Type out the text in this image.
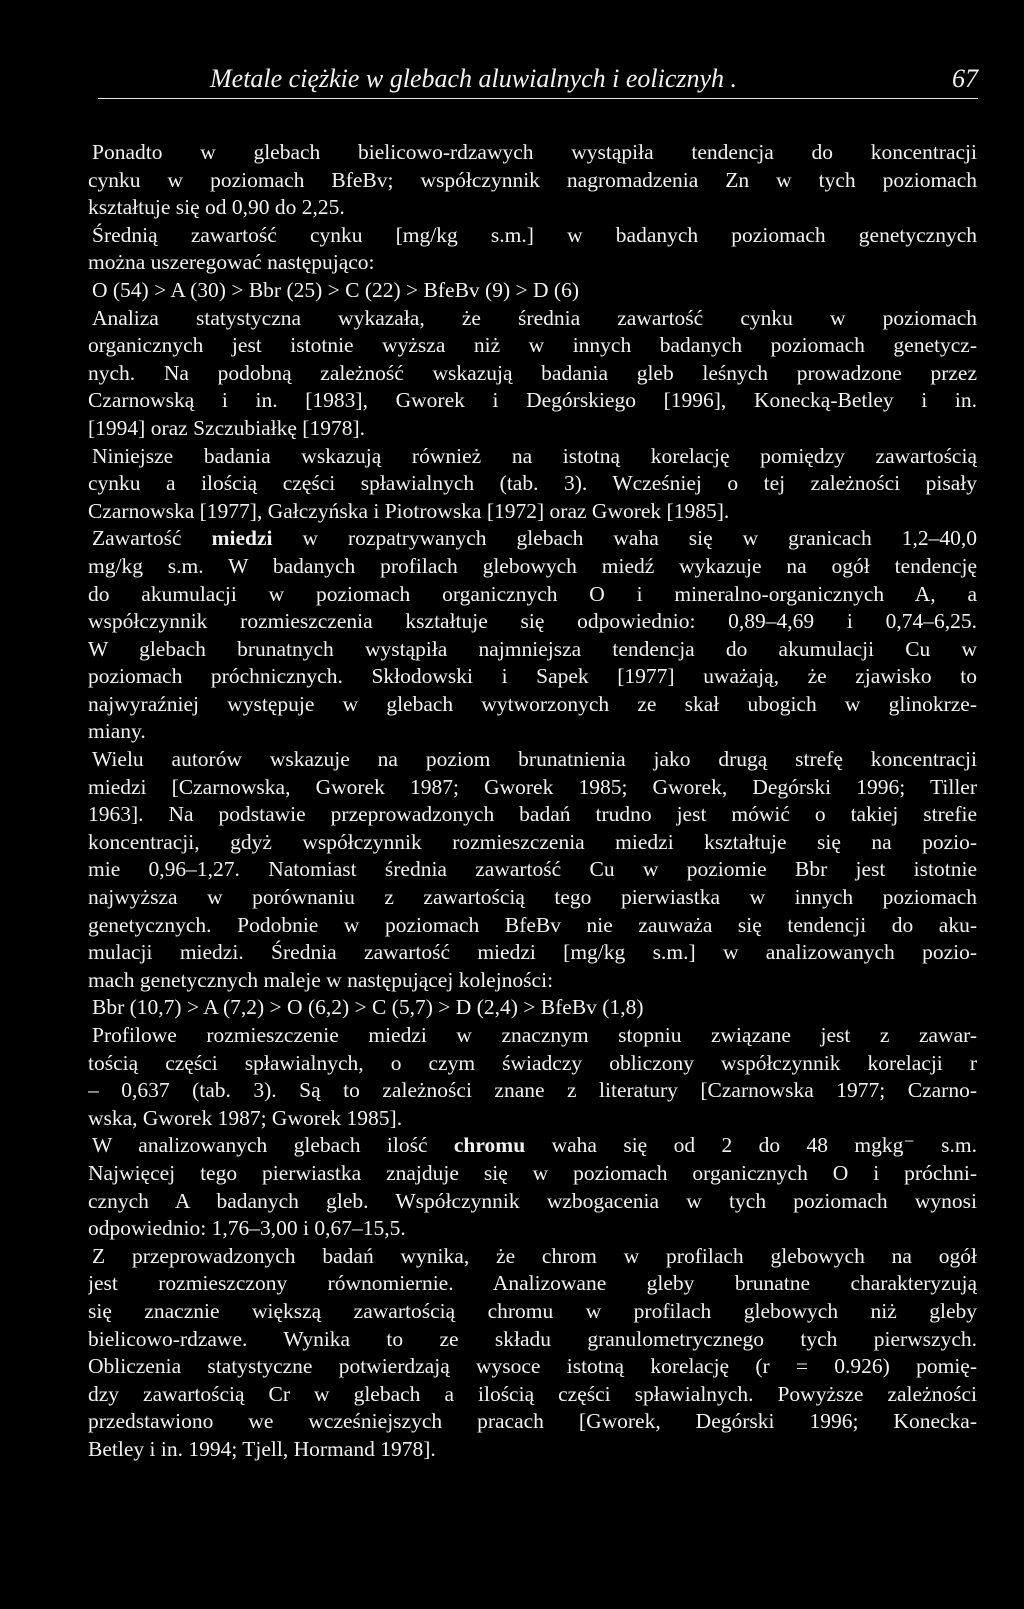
Metale ciężkie w glebach aluwialnych i eolicznyh .	67
Ponadto w glebach bielicowo-rdzawych wystąpiła tendencja do koncentracji
cynku w poziomach BfeBv; współczynnik nagromadzenia Zn w tych poziomach
kształtuje się od 0,90 do 2,25.
Średnią zawartość cynku [mg/kg s.m.] w badanych poziomach genetycznych
można uszeregować następująco:
O (54) > A (30) > Bbr (25) > C (22) > BfeBv (9) > D (6)
Analiza statystyczna wykazała, że średnia zawartość cynku w poziomach
organicznych jest istotnie wyższa niż w innych badanych poziomach genetycz-
nych. Na podobną zależność wskazują badania gleb leśnych prowadzone przez
Czarnowską i in. [1983], Gworek i Degórskiego [1996], Konecką-Betley i in.
[1994] oraz Szczubiałkę [1978].
Niniejsze badania wskazują również na istotną korelację pomiędzy zawartością
cynku a ilością części spławialnych (tab. 3). Wcześniej o tej zależności pisały
Czarnowska [1977], Gałczyńska i Piotrowska [1972] oraz Gworek [1985].
Zawartość miedzi w rozpatrywanych glebach waha się w granicach 1,2–40,0
mg/kg s.m. W badanych profilach glebowych miedź wykazuje na ogół tendencję
do akumulacji w poziomach organicznych O i mineralno-organicznych A, a
współczynnik rozmieszczenia kształtuje się odpowiednio: 0,89–4,69 i 0,74–6,25.
W glebach brunatnych wystąpiła najmniejsza tendencja do akumulacji Cu w
poziomach próchnicznych. Skłodowski i Sapek [1977] uważają, że zjawisko to
najwyraźniej występuje w glebach wytworzonych ze skał ubogich w glinokrze-
miany.
Wielu autorów wskazuje na poziom brunatnienia jako drugą strefę koncentracji
miedzi [Czarnowska, Gworek 1987; Gworek 1985; Gworek, Degórski 1996; Tiller
1963]. Na podstawie przeprowadzonych badań trudno jest mówić o takiej strefie
koncentracji, gdyż współczynnik rozmieszczenia miedzi kształtuje się na pozio-
mie 0,96–1,27. Natomiast średnia zawartość Cu w poziomie Bbr jest istotnie
najwyższa w porównaniu z zawartością tego pierwiastka w innych poziomach
genetycznych. Podobnie w poziomach BfeBv nie zauważa się tendencji do aku-
mulacji miedzi. Średnia zawartość miedzi [mg/kg s.m.] w analizowanych pozio-
mach genetycznych maleje w następującej kolejności:
Bbr (10,7) > A (7,2) > O (6,2) > C (5,7) > D (2,4) > BfeBv (1,8)
Profilowe rozmieszczenie miedzi w znacznym stopniu związane jest z zawar-
tością części spławialnych, o czym świadczy obliczony współczynnik korelacji r
– 0,637 (tab. 3). Są to zależności znane z literatury [Czarnowska 1977; Czarno-
wska, Gworek 1987; Gworek 1985].
W analizowanych glebach ilość chromu waha się od 2 do 48 mgkg⁻ s.m.
Najwięcej tego pierwiastka znajduje się w poziomach organicznych O i próchni-
cznych A badanych gleb. Współczynnik wzbogacenia w tych poziomach wynosi
odpowiednio: 1,76–3,00 i 0,67–15,5.
Z przeprowadzonych badań wynika, że chrom w profilach glebowych na ogół
jest rozmieszczony równomiernie. Analizowane gleby brunatne charakteryzują
się znacznie większą zawartością chromu w profilach glebowych niż gleby
bielicowo-rdzawe. Wynika to ze składu granulometrycznego tych pierwszych.
Obliczenia statystyczne potwierdzają wysoce istotną korelację (r = 0.926) pomię-
dzy zawartością Cr w glebach a ilością części spławialnych. Powyższe zależności
przedstawiono we wcześniejszych pracach [Gworek, Degórski 1996; Konecka-
Betley i in. 1994; Tjell, Hormand 1978].
